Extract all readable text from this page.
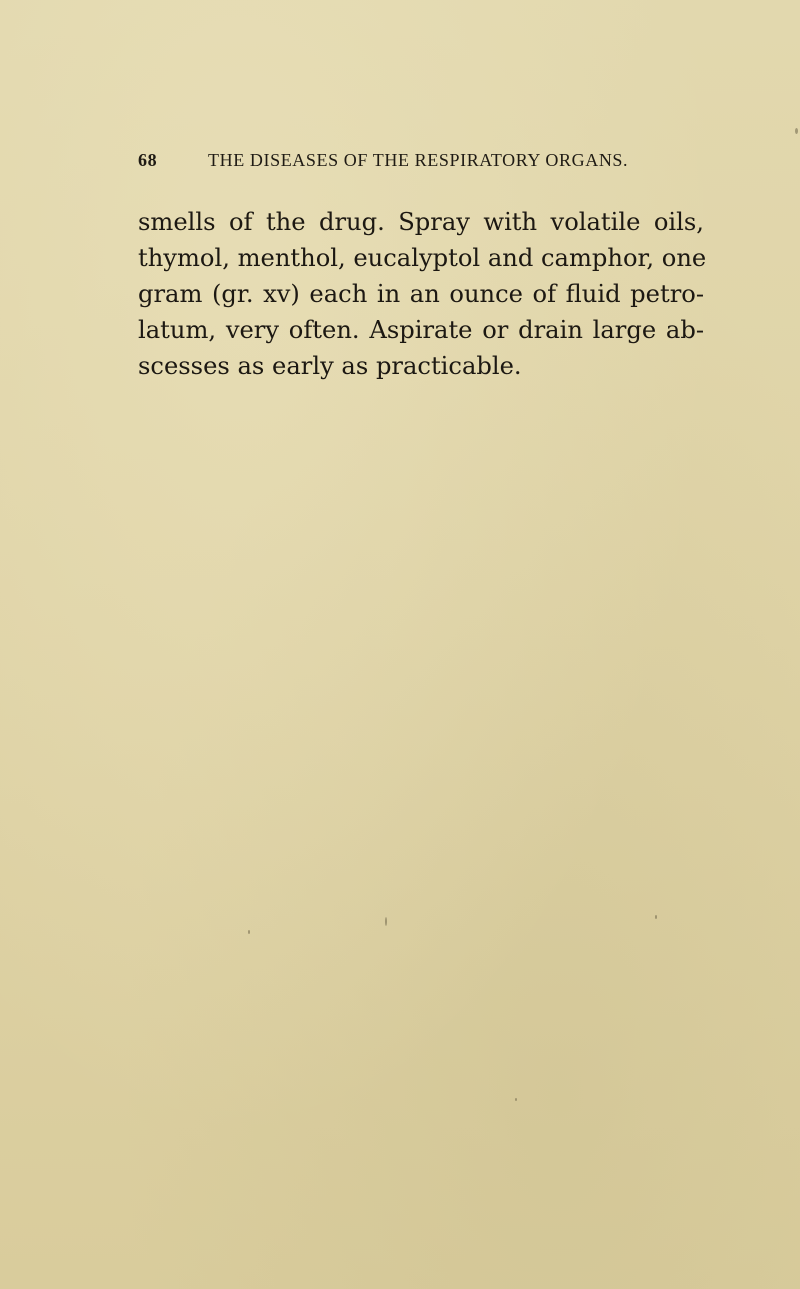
68	THE DISEASES OF THE RESPIRATORY ORGANS.
smells of the drug. Spray with volatile oils,
thymol, menthol, eucalyptol and camphor, one
gram (gr. xv) each in an ounce of fluid petro-
latum, very often. Aspirate or drain large ab-
scesses as early as practicable.
